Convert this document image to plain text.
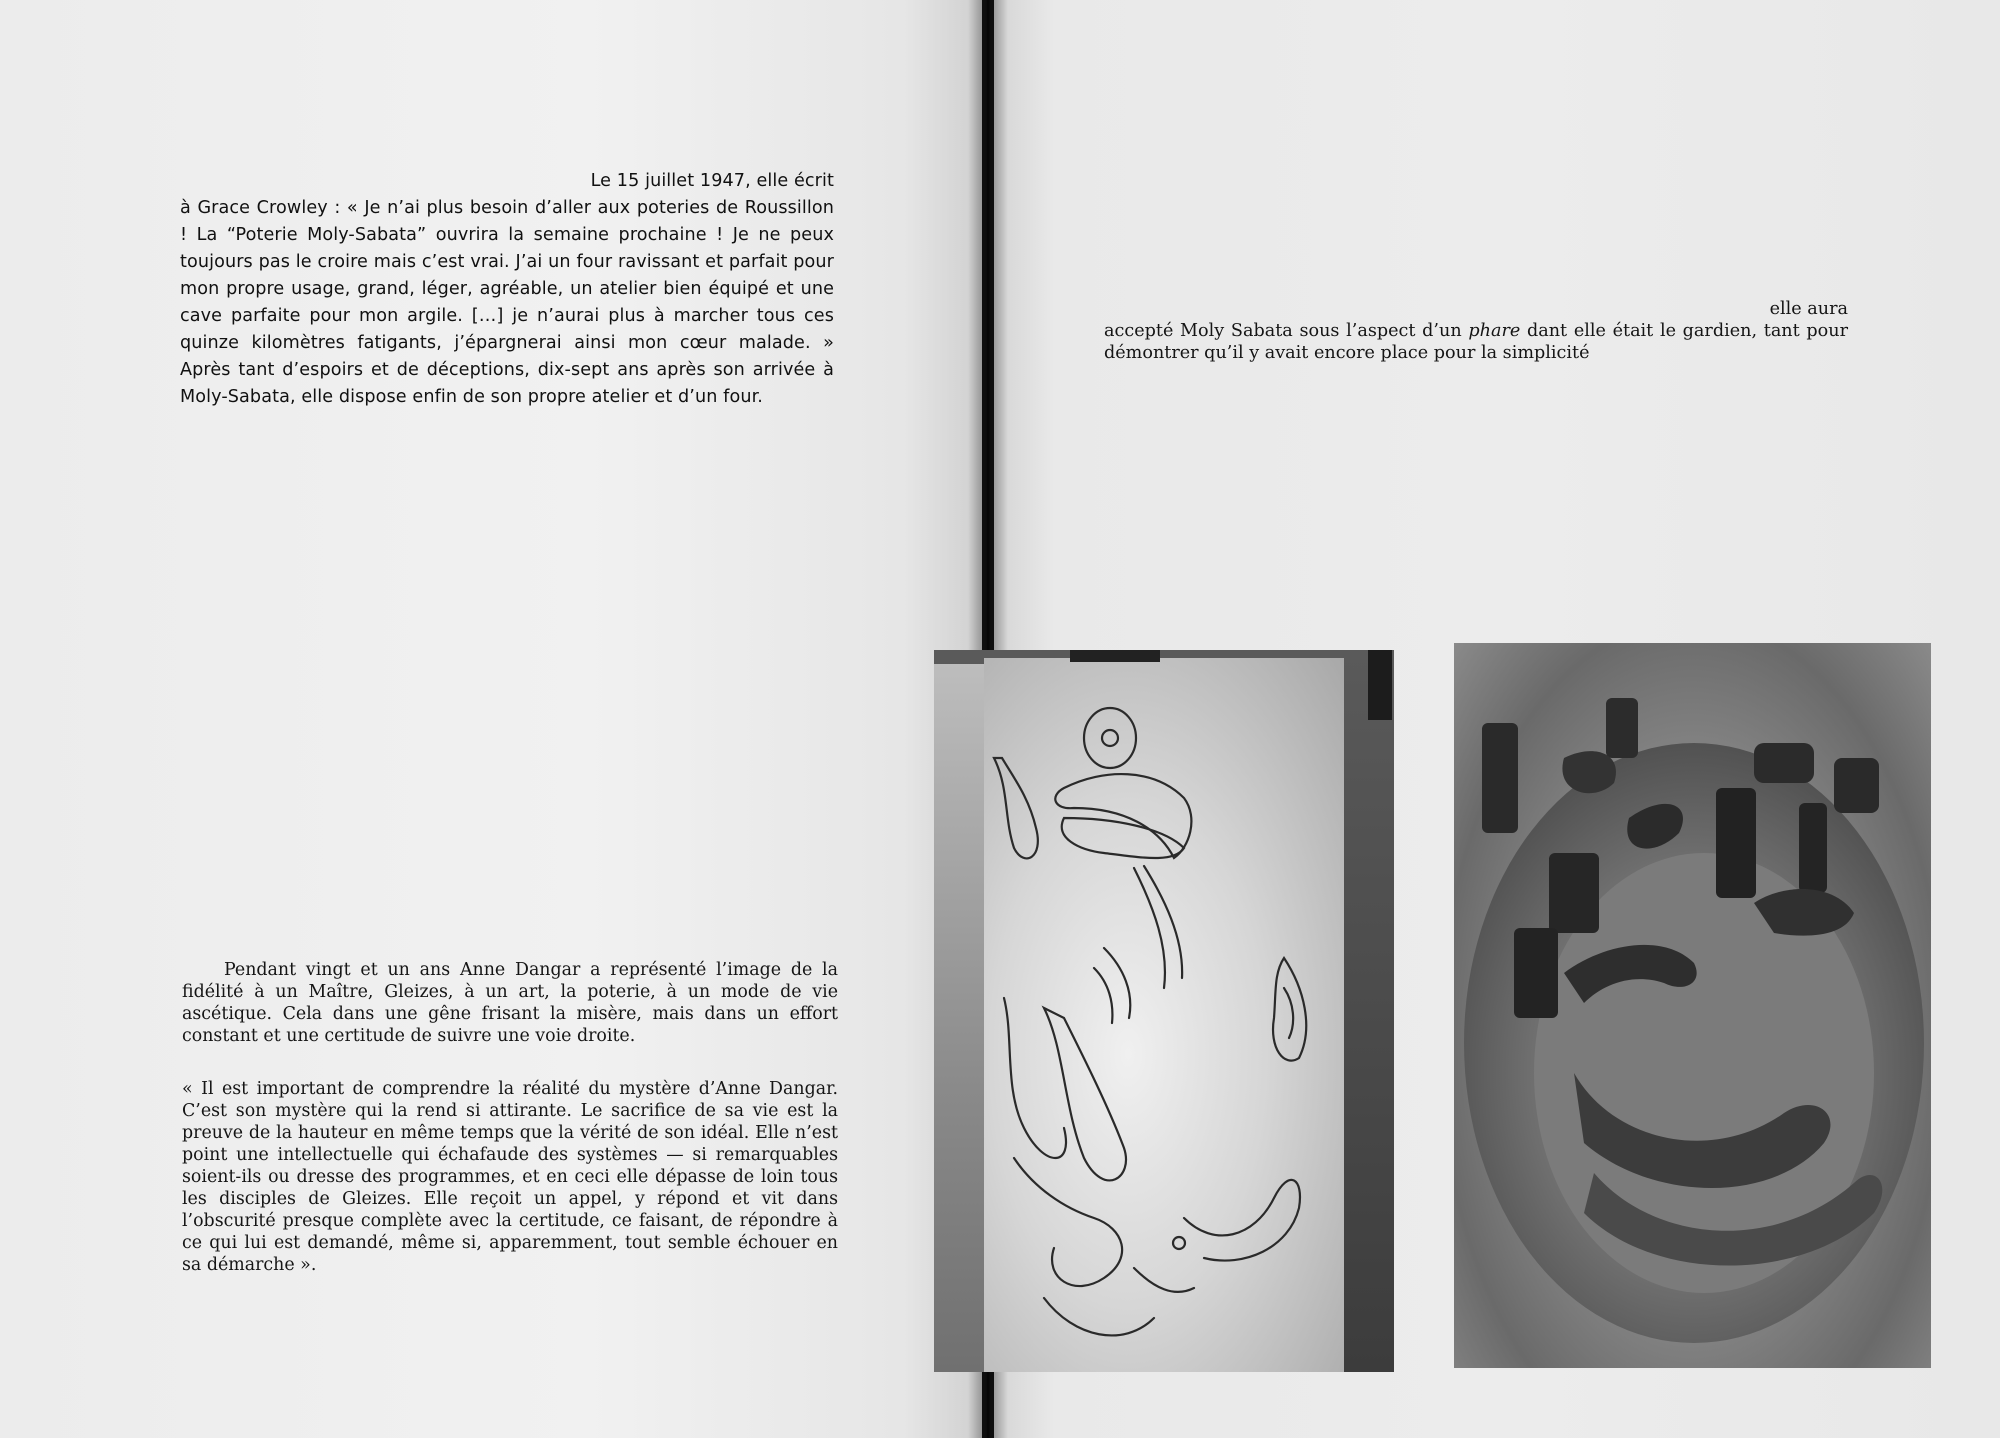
Le 15 juillet 1947, elle écrit
à Grace Crowley : « Je n’ai plus besoin d’aller aux poteries de Roussillon ! La “Poterie Moly-Sabata” ouvrira la semaine prochaine ! Je ne peux toujours pas le croire mais c’est vrai. J’ai un four ravissant et parfait pour mon propre usage, grand, léger, agréable, un atelier bien équipé et une cave parfaite pour mon argile. […] je n’aurai plus à marcher tous ces quinze kilomètres fatigants, j’épargnerai ainsi mon cœur malade. » Après tant d’espoirs et de déceptions, dix-sept ans après son arrivée à Moly-Sabata, elle dispose enfin de son propre atelier et d’un four.
Pendant vingt et un ans Anne Dangar a représenté l’image de la fidélité à un Maître, Gleizes, à un art, la poterie, à un mode de vie ascétique. Cela dans une gêne frisant la misère, mais dans un effort constant et une certitude de suivre une voie droite.
« Il est important de comprendre la réalité du mystère d’Anne Dangar. C’est son mystère qui la rend si attirante. Le sacrifice de sa vie est la preuve de la hauteur en même temps que la vérité de son idéal. Elle n’est point une intellectuelle qui échafaude des systèmes — si remarquables soient-ils ou dresse des programmes, et en ceci elle dépasse de loin tous les disciples de Gleizes. Elle reçoit un appel, y répond et vit dans l’obscurité presque complète avec la certitude, ce faisant, de répondre à ce qui lui est demandé, même si, apparemment, tout semble échouer en sa démarche ».
elle aura
accepté Moly Sabata sous l’aspect d’un phare dant elle était le gardien, tant pour démontrer qu’il y avait encore place pour la simplicité
